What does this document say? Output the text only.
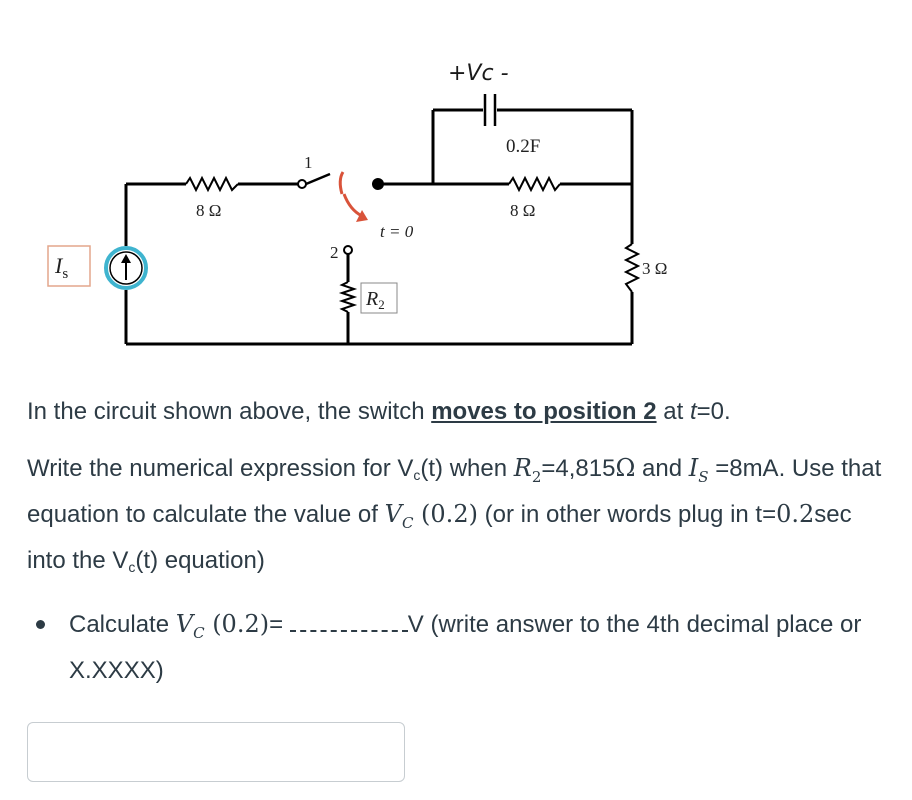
8 Ω	8 Ω
3 Ω
$R_2$
0.2F
+Vc -
$I_s$
1
2
t = 0

In the circuit shown above, the switch moves to position 2 at t=0.

Write the numerical expression for Vc(t) when $R_2=4,815\Omega$ and $I_S =8mA$. Use that equation to calculate the value of $V_C$ (0.2) (or in other words plug in t=0.2sec into the Vc(t) equation)

Calculate $V_C$ (0.2)=	V (write answer to the 4th decimal place or X.XXXX)
